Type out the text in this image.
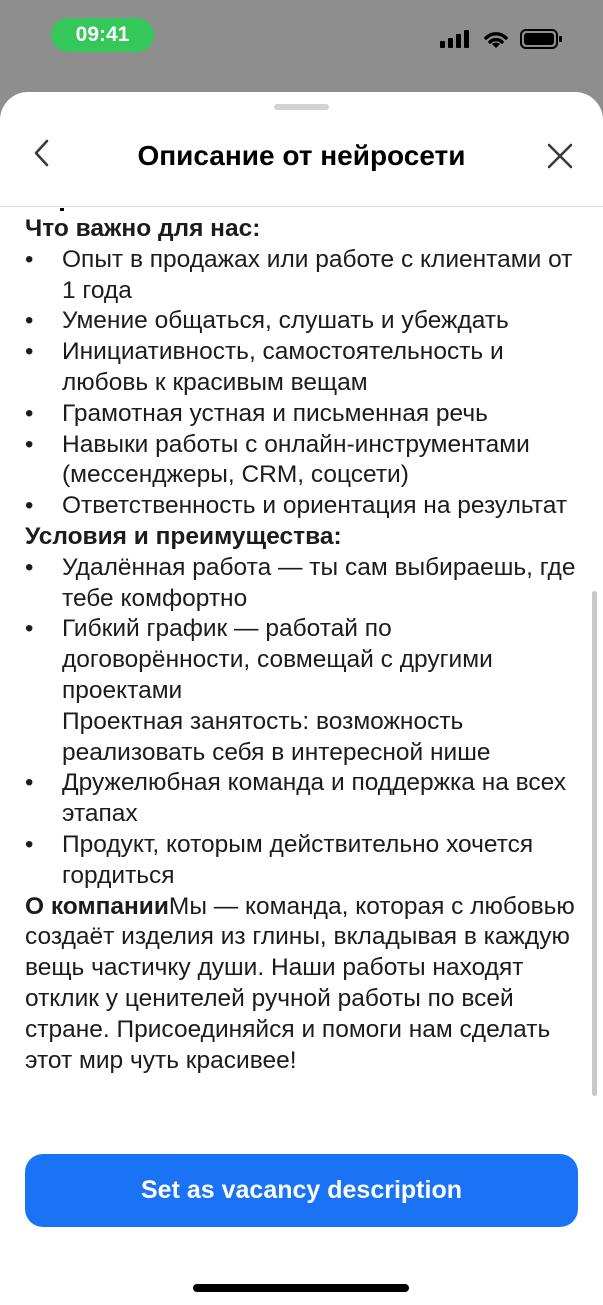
09:41
Описание от нейросети
Что важно для нас:
•	Опыт в продажах или работе с клиентами от 1 года
•	Умение общаться, слушать и убеждать
•	Инициативность, самостоятельность и любовь к красивым вещам
•	Грамотная устная и письменная речь
•	Навыки работы с онлайн-инструментами (мессенджеры, CRM, соцсети)
•	Ответственность и ориентация на результат
Условия и преимущества:
•	Удалённая работа — ты сам выбираешь, где тебе комфортно
•	Гибкий график — работай по договорённости, совмещай с другими проектами
Проектная занятость: возможность реализовать себя в интересной нише
•	Дружелюбная команда и поддержка на всех этапах
•	Продукт, которым действительно хочется гордиться
О компанииМы — команда, которая с любовью создаёт изделия из глины, вкладывая в каждую вещь частичку души. Наши работы находят отклик у ценителей ручной работы по всей стране. Присоединяйся и помоги нам сделать этот мир чуть красивее!
Set as vacancy description
